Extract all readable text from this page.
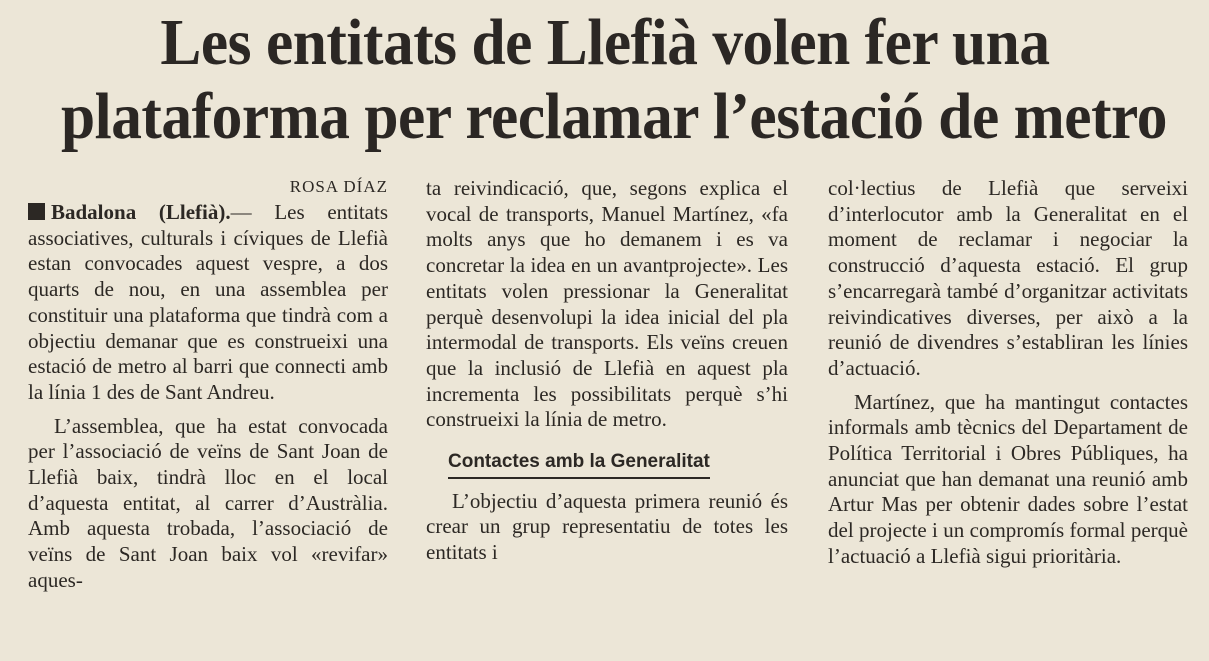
Les entitats de Llefià volen fer una
plataforma per reclamar l’estació de metro
ROSA DÍAZ

Badalona (Llefià).— Les entitats associatives, culturals i cíviques de Llefià estan convocades aquest vespre, a dos quarts de nou, en una assemblea per constituir una plataforma que tindrà com a objectiu demanar que es construeixi una estació de metro al barri que connecti amb la línia 1 des de Sant Andreu.

L’assemblea, que ha estat convocada per l’associació de veïns de Sant Joan de Llefià baix, tindrà lloc en el local d’aquesta entitat, al carrer d’Austràlia. Amb aquesta trobada, l’associació de veïns de Sant Joan baix vol «revifar» aques-

ta reivindicació, que, segons explica el vocal de transports, Manuel Martínez, «fa molts anys que ho demanem i es va concretar la idea en un avantprojecte». Les entitats volen pressionar la Generalitat perquè desenvolupi la idea inicial del pla intermodal de transports. Els veïns creuen que la inclusió de Llefià en aquest pla incrementa les possibilitats perquè s’hi construeixi la línia de metro.

Contactes amb la Generalitat

L’objectiu d’aquesta primera reunió és crear un grup representatiu de totes les entitats i

col·lectius de Llefià que serveixi d’interlocutor amb la Generalitat en el moment de reclamar i negociar la construcció d’aquesta estació. El grup s’encarregarà també d’organitzar activitats reivindicatives diverses, per això a la reunió de divendres s’establiran les línies d’actuació.

Martínez, que ha mantingut contactes informals amb tècnics del Departament de Política Territorial i Obres Públiques, ha anunciat que han demanat una reunió amb Artur Mas per obtenir dades sobre l’estat del projecte i un compromís formal perquè l’actuació a Llefià sigui prioritària.
